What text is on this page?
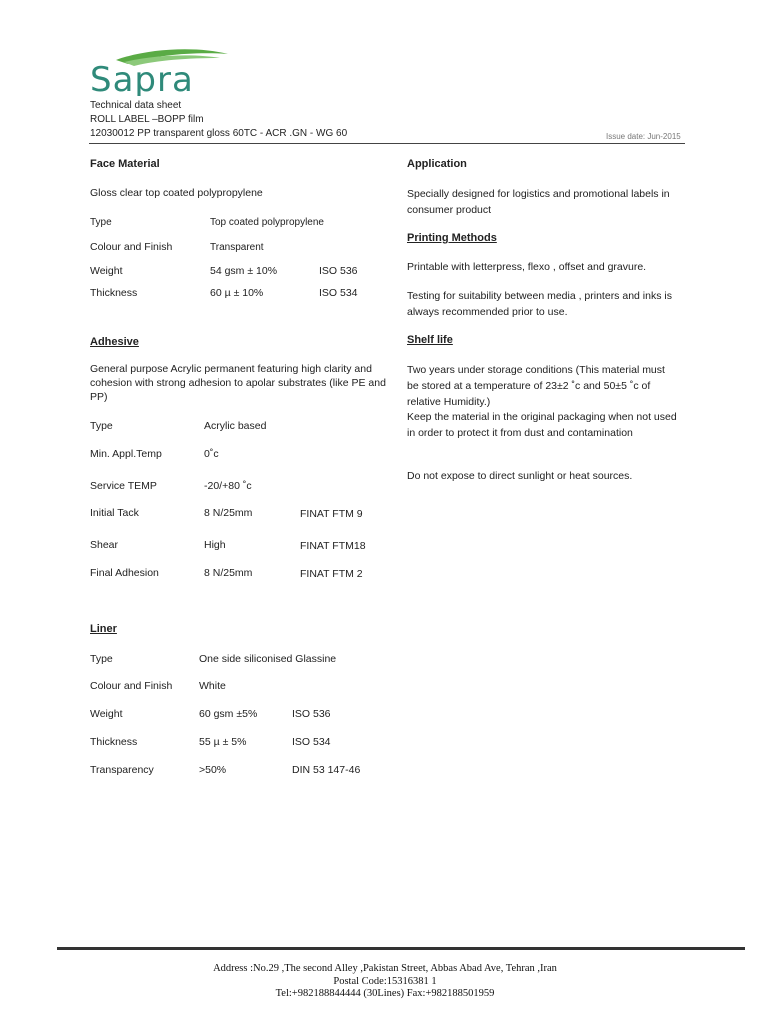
Sapra
Technical data sheet
ROLL LABEL –BOPP film
12030012 PP transparent gloss 60TC - ACR .GN - WG 60	Issue date: Jun-2015
Face Material
Gloss clear top coated polypropylene
Type	Top coated polypropylene
Colour and Finish	Transparent
Weight	54 gsm ± 10%	ISO 536
Thickness	60 µ ± 10%	ISO 534
Adhesive
General purpose Acrylic permanent featuring high clarity and cohesion with strong adhesion to apolar substrates (like PE and PP)
Type	Acrylic based
Min. Appl.Temp	0˚c
Service TEMP	-20/+80 ˚c
Initial Tack	8 N/25mm	FINAT FTM 9
Shear	High	FINAT FTM18
Final Adhesion	8 N/25mm	FINAT FTM 2
Liner
Type	One side siliconised Glassine
Colour and Finish	White
Weight	60 gsm ±5%	ISO 536
Thickness	55 µ ± 5%	ISO 534
Transparency	>50%	DIN 53 147-46
Application
Specially designed for logistics and promotional labels in consumer product
Printing Methods
Printable with letterpress, flexo , offset and gravure.
Testing for suitability between media , printers and inks is always recommended prior to use.
Shelf life
Two years under storage conditions (This material must be stored at a temperature of 23±2 ˚c and 50±5 ˚c of relative Humidity.)
Keep the material in the original packaging when not used in order to protect it from dust and contamination
Do not expose to direct sunlight or heat sources.
Address :No.29 ,The second Alley ,Pakistan Street, Abbas Abad Ave, Tehran ,Iran
Postal Code:15316381 1
Tel:+982188844444 (30Lines) Fax:+982188501959
